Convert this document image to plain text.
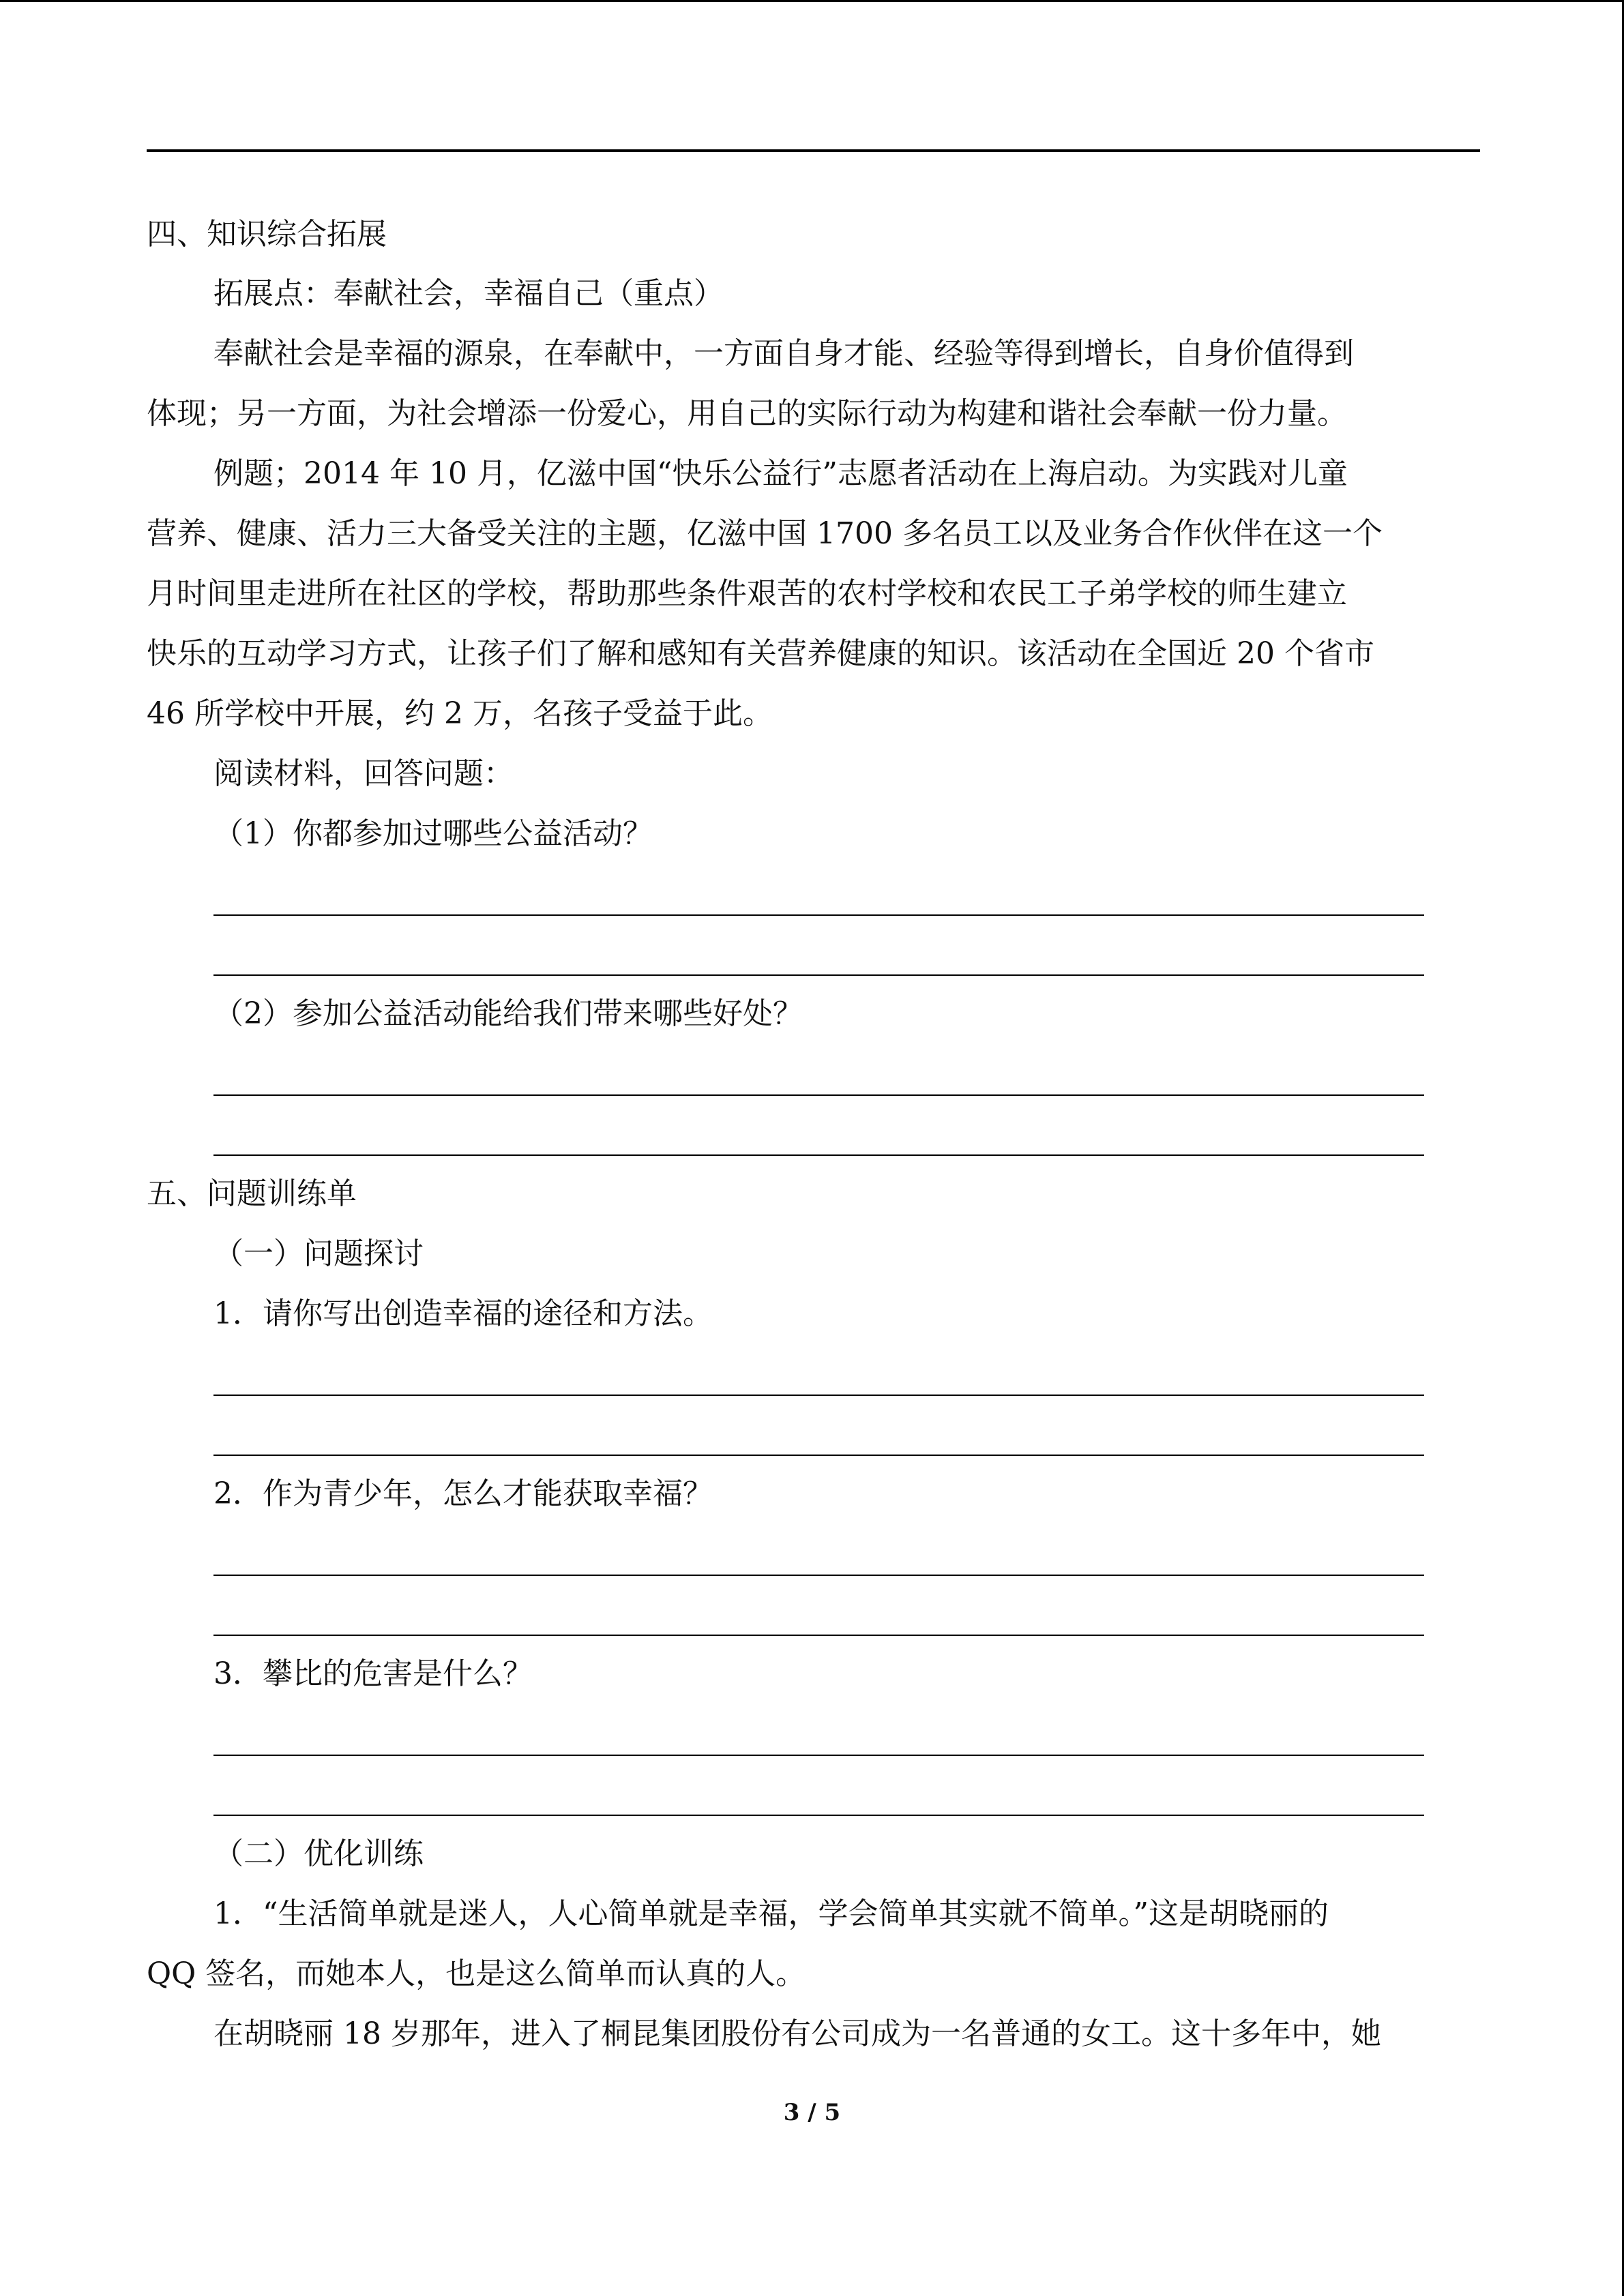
四、知识综合拓展
拓展点：奉献社会，幸福自己（重点）
奉献社会是幸福的源泉，在奉献中，一方面自身才能、经验等得到增长，自身价值得到
体现；另一方面，为社会增添一份爱心，用自己的实际行动为构建和谐社会奉献一份力量。
例题；2014 年 10 月，亿滋中国“快乐公益行”志愿者活动在上海启动。为实践对儿童
营养、健康、活力三大备受关注的主题，亿滋中国 1700 多名员工以及业务合作伙伴在这一个
月时间里走进所在社区的学校，帮助那些条件艰苦的农村学校和农民工子弟学校的师生建立
快乐的互动学习方式，让孩子们了解和感知有关营养健康的知识。该活动在全国近 20 个省市
46 所学校中开展，约 2 万，名孩子受益于此。
阅读材料，回答问题：
（1）你都参加过哪些公益活动？
（2）参加公益活动能给我们带来哪些好处？
五、问题训练单
（一）问题探讨
1．请你写出创造幸福的途径和方法。
2．作为青少年，怎么才能获取幸福？
3．攀比的危害是什么？
（二）优化训练
1．“生活简单就是迷人，人心简单就是幸福，学会简单其实就不简单。”这是胡晓丽的
QQ 签名，而她本人，也是这么简单而认真的人。
在胡晓丽 18 岁那年，进入了桐昆集团股份有公司成为一名普通的女工。这十多年中，她
3 / 5
